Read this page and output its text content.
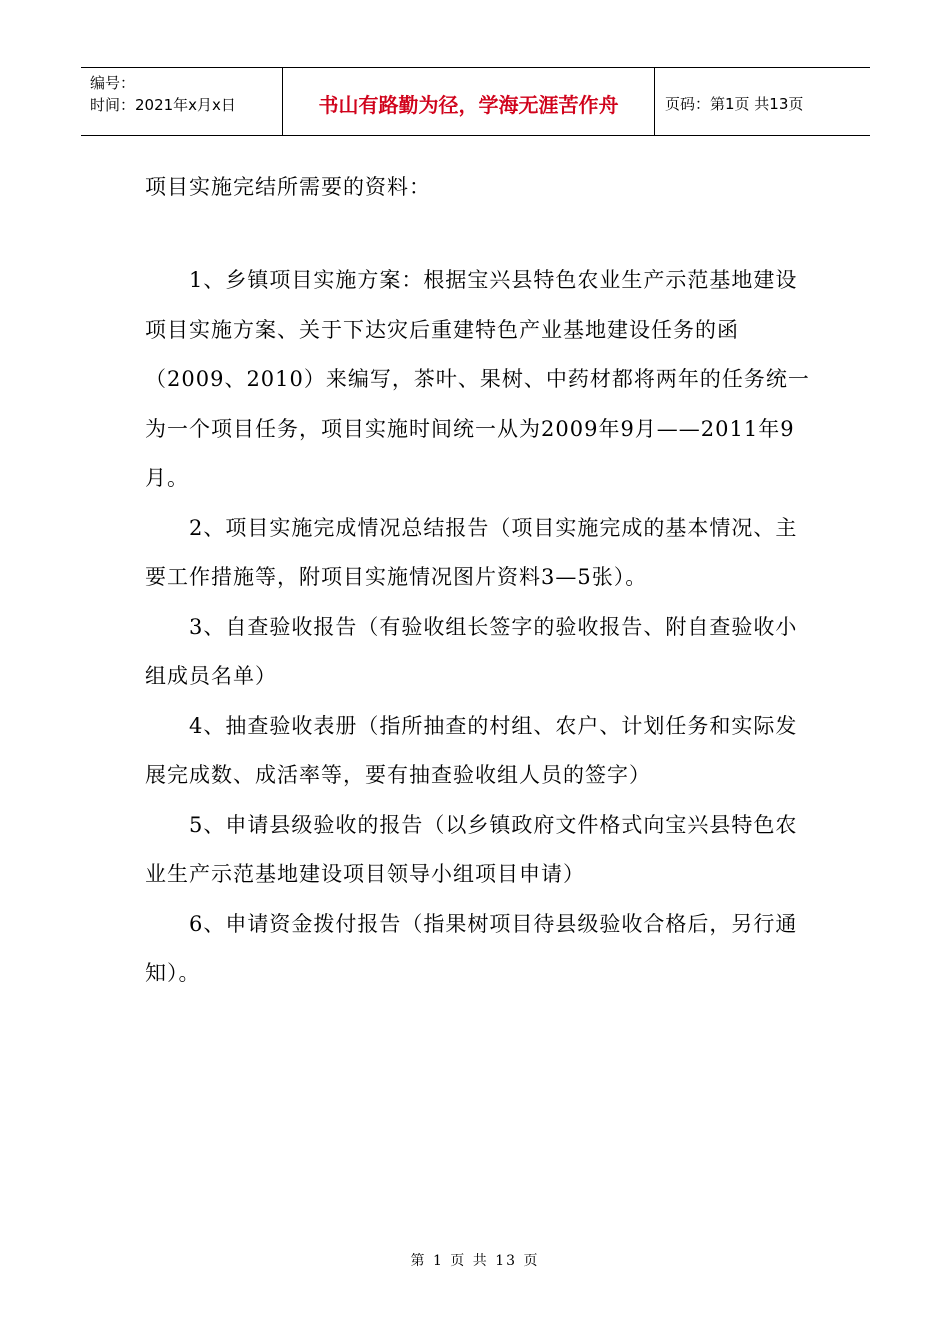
编号：
时间：2021年x月x日	书山有路勤为径，学海无涯苦作舟	页码：第1页 共13页

项目实施完结所需要的资料：

1、乡镇项目实施方案：根据宝兴县特色农业生产示范基地建设项目实施方案、关于下达灾后重建特色产业基地建设任务的函（2009、2010）来编写，茶叶、果树、中药材都将两年的任务统一为一个项目任务，项目实施时间统一从为2009年9月——2011年9月。

2、项目实施完成情况总结报告（项目实施完成的基本情况、主要工作措施等，附项目实施情况图片资料3—5张）。

3、自查验收报告（有验收组长签字的验收报告、附自查验收小组成员名单）

4、抽查验收表册（指所抽查的村组、农户、计划任务和实际发展完成数、成活率等，要有抽查验收组人员的签字）

5、申请县级验收的报告（以乡镇政府文件格式向宝兴县特色农业生产示范基地建设项目领导小组项目申请）

6、申请资金拨付报告（指果树项目待县级验收合格后，另行通知）。

第 1 页 共 13 页
